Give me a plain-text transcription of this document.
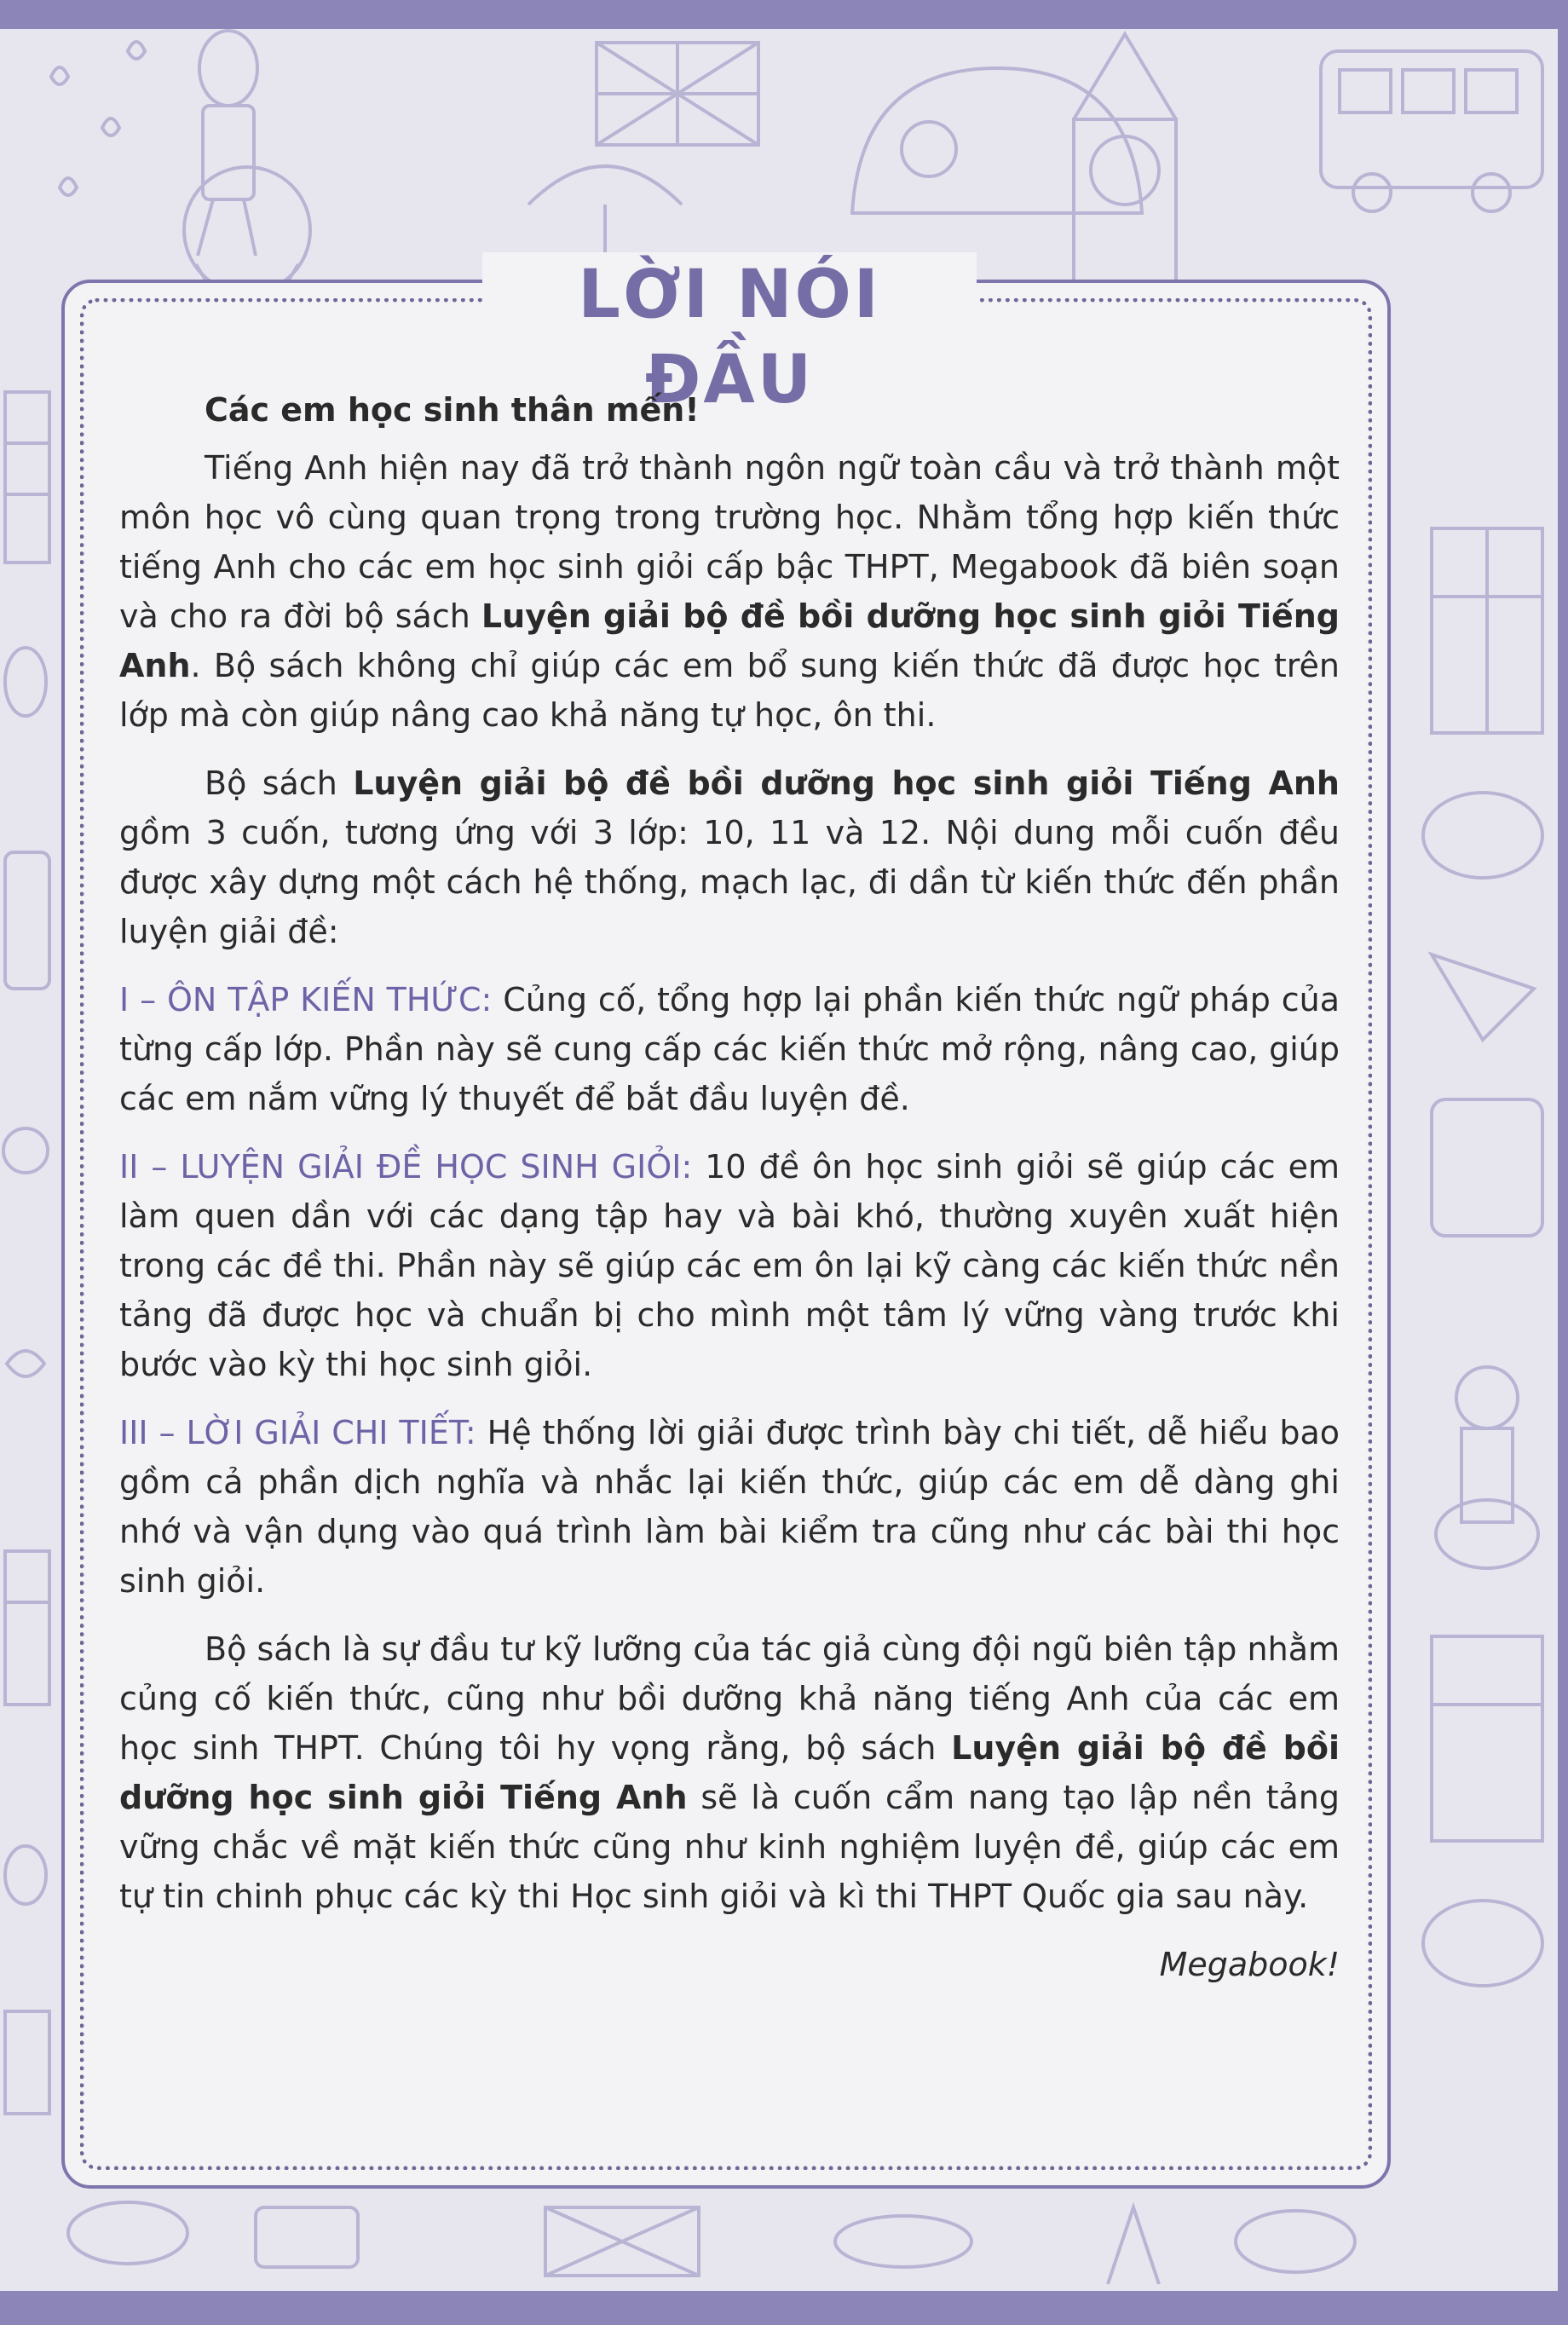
LỜI NÓI ĐẦU

Các em học sinh thân mến!

Tiếng Anh hiện nay đã trở thành ngôn ngữ toàn cầu và trở thành một môn học vô cùng quan trọng trong trường học. Nhằm tổng hợp kiến thức tiếng Anh cho các em học sinh giỏi cấp bậc THPT, Megabook đã biên soạn và cho ra đời bộ sách Luyện giải bộ đề bồi dưỡng học sinh giỏi Tiếng Anh. Bộ sách không chỉ giúp các em bổ sung kiến thức đã được học trên lớp mà còn giúp nâng cao khả năng tự học, ôn thi.

Bộ sách Luyện giải bộ đề bồi dưỡng học sinh giỏi Tiếng Anh gồm 3 cuốn, tương ứng với 3 lớp: 10, 11 và 12. Nội dung mỗi cuốn đều được xây dựng một cách hệ thống, mạch lạc, đi dần từ kiến thức đến phần luyện giải đề:

I – ÔN TẬP KIẾN THỨC: Củng cố, tổng hợp lại phần kiến thức ngữ pháp của từng cấp lớp. Phần này sẽ cung cấp các kiến thức mở rộng, nâng cao, giúp các em nắm vững lý thuyết để bắt đầu luyện đề.

II – LUYỆN GIẢI ĐỀ HỌC SINH GIỎI: 10 đề ôn học sinh giỏi sẽ giúp các em làm quen dần với các dạng tập hay và bài khó, thường xuyên xuất hiện trong các đề thi. Phần này sẽ giúp các em ôn lại kỹ càng các kiến thức nền tảng đã được học và chuẩn bị cho mình một tâm lý vững vàng trước khi bước vào kỳ thi học sinh giỏi.

III – LỜI GIẢI CHI TIẾT: Hệ thống lời giải được trình bày chi tiết, dễ hiểu bao gồm cả phần dịch nghĩa và nhắc lại kiến thức, giúp các em dễ dàng ghi nhớ và vận dụng vào quá trình làm bài kiểm tra cũng như các bài thi học sinh giỏi.

Bộ sách là sự đầu tư kỹ lưỡng của tác giả cùng đội ngũ biên tập nhằm củng cố kiến thức, cũng như bồi dưỡng khả năng tiếng Anh của các em học sinh THPT. Chúng tôi hy vọng rằng, bộ sách Luyện giải bộ đề bồi dưỡng học sinh giỏi Tiếng Anh sẽ là cuốn cẩm nang tạo lập nền tảng vững chắc về mặt kiến thức cũng như kinh nghiệm luyện đề, giúp các em tự tin chinh phục các kỳ thi Học sinh giỏi và kì thi THPT Quốc gia sau này.

Megabook!
